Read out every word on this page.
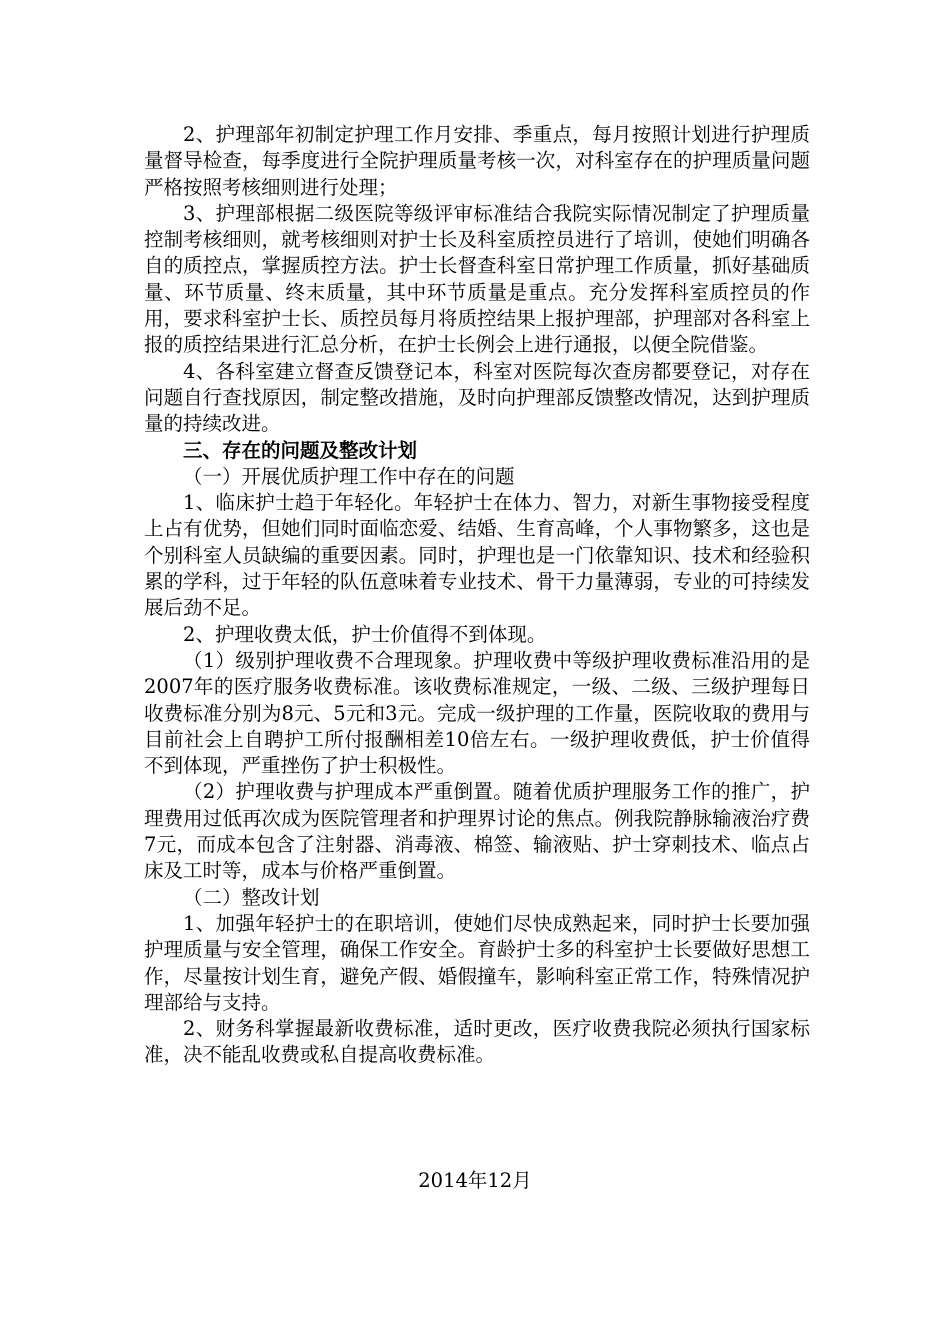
2、护理部年初制定护理工作月安排、季重点，每月按照计划进行护理质量督导检查，每季度进行全院护理质量考核一次，对科室存在的护理质量问题严格按照考核细则进行处理；

3、护理部根据二级医院等级评审标准结合我院实际情况制定了护理质量控制考核细则，就考核细则对护士长及科室质控员进行了培训，使她们明确各自的质控点，掌握质控方法。护士长督查科室日常护理工作质量，抓好基础质量、环节质量、终末质量，其中环节质量是重点。充分发挥科室质控员的作用，要求科室护士长、质控员每月将质控结果上报护理部，护理部对各科室上报的质控结果进行汇总分析，在护士长例会上进行通报，以便全院借鉴。

4、各科室建立督查反馈登记本，科室对医院每次查房都要登记，对存在问题自行查找原因，制定整改措施，及时向护理部反馈整改情况，达到护理质量的持续改进。

三、存在的问题及整改计划

（一）开展优质护理工作中存在的问题

1、临床护士趋于年轻化。年轻护士在体力、智力，对新生事物接受程度上占有优势，但她们同时面临恋爱、结婚、生育高峰，个人事物繁多，这也是个别科室人员缺编的重要因素。同时，护理也是一门依靠知识、技术和经验积累的学科，过于年轻的队伍意味着专业技术、骨干力量薄弱，专业的可持续发展后劲不足。

2、护理收费太低，护士价值得不到体现。

（1）级别护理收费不合理现象。护理收费中等级护理收费标准沿用的是2007年的医疗服务收费标准。该收费标准规定，一级、二级、三级护理每日收费标准分别为8元、5元和3元。完成一级护理的工作量，医院收取的费用与目前社会上自聘护工所付报酬相差10倍左右。一级护理收费低，护士价值得不到体现，严重挫伤了护士积极性。

（2）护理收费与护理成本严重倒置。随着优质护理服务工作的推广，护理费用过低再次成为医院管理者和护理界讨论的焦点。例我院静脉输液治疗费7元，而成本包含了注射器、消毒液、棉签、输液贴、护士穿刺技术、临点占床及工时等，成本与价格严重倒置。

（二）整改计划

1、加强年轻护士的在职培训，使她们尽快成熟起来，同时护士长要加强护理质量与安全管理，确保工作安全。育龄护士多的科室护士长要做好思想工作，尽量按计划生育，避免产假、婚假撞车，影响科室正常工作，特殊情况护理部给与支持。

2、财务科掌握最新收费标准，适时更改，医疗收费我院必须执行国家标准，决不能乱收费或私自提高收费标准。

2014年12月
